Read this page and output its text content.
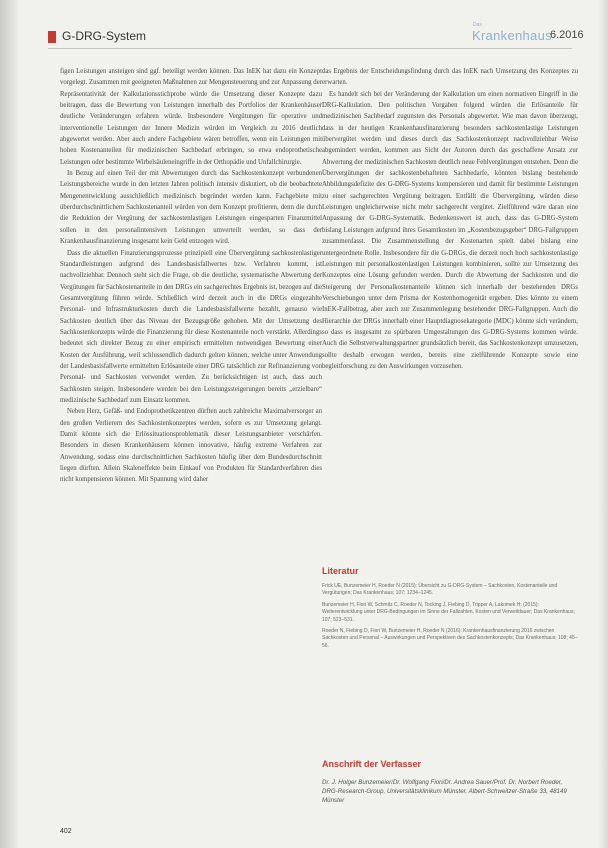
G-DRG-System
Das
Krankenhaus
6.2016

figen Leistungen ansteigen sind ggf. beteiligt werden können. Das InEK hat dazu ein Konzept vorgelegt. Zusammen mit geeigneten Maßnahmen zur Mengensteuerung und zur Anpassung der Repräsentativität der Kalkulationsstichprobe würde die Umsetzung dieser Konzepte dazu beitragen, dass die Bewertung von Leistungen innerhalb des Portfolios der Krankenhäuser deutliche Veränderungen erfahren würde. Insbesondere Vergütungen für operative und interventionelle Leistungen der Innere Medizin würden im Vergleich zu 2016 deutlich abgewertet werden. Aber auch andere Fachgebiete wären betroffen, wenn ein Leistungen mit hohen Kostenanteilen für medizinischen Sachbedarf erbringen, so etwa endoprothetische Leistungen oder bestimmte Wirbelsäuleneingriffe in der Orthopädie und Unfallchirurgie.

In Bezug auf einen Teil der mit Abwertungen durch das Sachkostenkonzept verbundenen Leistungsbereiche wurde in den letzten Jahren politisch intensiv diskutiert, ob die beobachtete Mengenentwicklung ausschließlich medizinisch begründet werden kann. Fachgebiete mit überdurchschnittlichem Sachkostenanteil würden von dem Konzept profitieren, denn die durch die Reduktion der Vergütung der sachkostenlastigen Leistungen eingesparten Finanzmittel sollen in den personalintensiven Leistungen umverteilt werden, so dass der Krankenhausfinanzierung insgesamt kein Geld entzogen wird.

Dass die aktuellen Finanzierungsprozesse prinzipiell eine Übervergütung sachkostenlastiger Standardleistungen aufgrund des Landesbasisfallwertes bzw. Verfahren kommt, ist nachvollziehbar. Dennoch steht sich die Frage, ob die deutliche, systematische Abwertung der Vergütungen für Sachkostenanteile in den DRGs ein sachgerechtes Ergebnis ist, bezogen auf die Gesamtvergütung führen würde. Schließlich wird derzeit auch in die DRGs eingezahlte Personal- und Infrastrukturkosten durch die Landesbasisfallwerte bezahlt, genauso wie Sachkosten deutlich über das Niveau der Bezugsgröße gehoben. Mit der Umsetzung des Sachkostenkonzepts würde die Finanzierung für diese Kostenanteile noch verstärkt. Allerdings bedeutet sich direkter Bezug zu einer empirisch ermittelten notwendigen Bewertung einer Kosten der Ausführung, weil schlussendlich dadurch gelten können, welche unter Anwendung der Landesbasisfallwerte ermittelten Erlösanteile einer DRG tatsächlich zur Refinanzierung von Personal- und Sachkosten verwendet werden. Zu berücksichtigen ist auch, dass auch Sachkosten steigen. Insbesondere werden bei den Leistungssteigerungen bereits „erzielbare“ medizinische Sachbedarf zum Einsatz kommen.

Neben Herz, Gefäß- und Endoprothetikzentren dürften auch zahlreiche Maximalversorger an den großen Verlierern des Sachkostenkonzeptes werden, sofern es zur Umsetzung gelangt. Damit könnte sich die Erlössituationsproblematik dieser Leistungsanbieter verschärfen. Besonders in diesen Krankenhäusern können innovative, häufig extreme Verfahren zur Anwendung, sodass eine durchschnittlichen Sachkosten häufig über dem Bundesdurchschnitt liegen dürften. Allein Skaleneffekte beim Einkauf von Produkten für Standardverfahren dies nicht kompensieren können. Mit Spannung wird daher

das Ergebnis der Entscheidungsfindung durch das InEK nach Umsetzung des Konzeptes zu erwarten.

Es handelt sich bei der Veränderung der Kalkulation um einen normativen Eingriff in die DRG-Kalkulation. Den politischen Vorgaben folgend würden die Erlösanteile für medizinischen Sachbedarf zugunsten des Personals abgewertet. Wie man davon überzeugt, dass in der heutigen Krankenhausfinanzierung besonders sachkostenlastige Leistungen übervergütet werden und dieses durch das Sachkostenkonzept nachvollziehbar Weise abgemindert werden, kommen aus Sicht der Autoren durch das geschaffene Ansatz zur Abwertung der medizinischen Sachkosten deutlich neue Fehlvergütungen entstehen. Denn die Übervergütungen der sachkostenbehafteten Sachbedarfe, könnten bislang bestehende Abbildungsdefizite des G-DRG-Systems kompensieren und damit für bestimmte Leistungen zu einer sachgerechten Vergütung beitragen. Entfällt die Übervergütung, würden diese Leistungen ungleicherweise nicht mehr sachgerecht vergütet. Zielführend wäre daran eine Anpassung der G-DRG-Systematik. Bedenkenswert ist auch, dass das G-DRG-System bislang Leistungen aufgrund ihres Gesamtkosten im „Kostenbezugsgeber“ DRG-Fallgruppen zusammenfasst. Die Zusammenstellung der Kostenarten spielt dabei bislang eine untergeordnete Rolle. Insbesondere für die G-DRGs, die derzeit noch hoch sachkostenlastige Leistungen mit personalkostenlastigen Leistungen kombinieren, sollte zur Umsetzung des Konzeptes eine Lösung gefunden werden. Durch die Abwertung der Sachkosten und die Steigerung der Personalkostenanteile können sich innerhalb der bestehenden DRGs Verschiebungen unter dem Prisma der Kostenhomogenität ergeben. Dies könnte zu einem InEK-Fallbetrag, aber auch zur Zusammenlegung bestehender DRG-Fallgruppen. Auch die Hierarchie der DRGs innerhalb einer Hauptdiagnosekategorie (MDC) könnte sich verändern, so dass es insgesamt zu spürbaren Umgestaltungen des G-DRG-Systems kommen würde. Auch die Selbstverwaltungspartner grundsätzlich bereit, das Sachkostenkonzept umzusetzen, sollte deshalb erwogen werden, bereits eine zielführende Konzepte sowie eine begleitforschung zu den Auswirkungen vorzusehen.

Literatur

Frick UE, Bunzemeier H, Roeder N (2015): Übersicht zu G-DRG-System – Sachkosten, Kostenanteile und Vergütungen; Das Krankenhaus; 107; 1234–1245.

Bunzemeier H, Fiori W, Schmitz C, Roeder N, Tocking J, Fiebing D, Tripper A, Lakomek H: (2015): Weiterentwicklung unter DRG-Bedingungen im Sinne der Fallzahlen, Kosten und Verweildauer; Das Krankenhaus; 107; 523–531.

Roeder N, Fiebing D, Fiori W, Bunzemeier H, Roeder N (2016): Krankenhausfinanzierung 2016 zwischen Sachkosten und Personal – Auswirkungen und Perspektiven des Sachkostenkonzepts; Das Krankenhaus; 108; 45–56.

Anschrift der Verfasser
Dr. J. Holger Bunzemeier/Dr. Wolfgang Fiori/Dr. Andrea Sauer/Prof. Dr. Norbert Roeder, DRG-Research-Group, Universitätsklinikum Münster, Albert-Schweitzer-Straße 33, 48149 Münster
402
